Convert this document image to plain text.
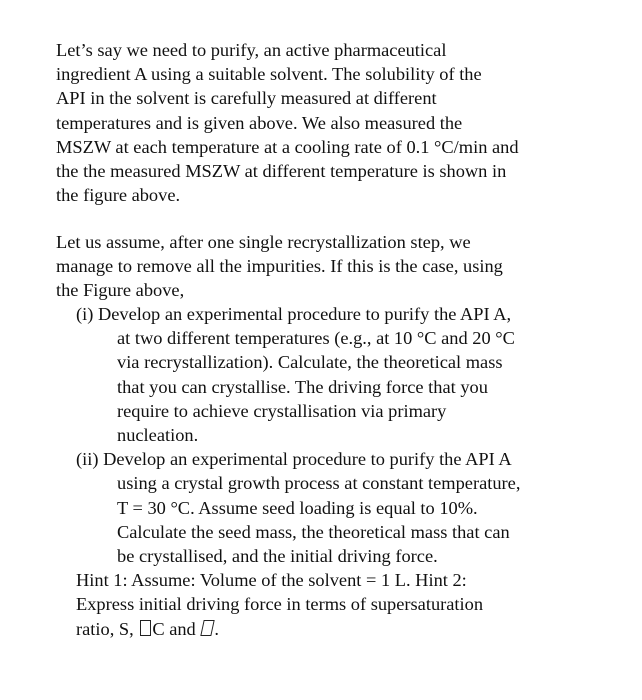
Let’s say we need to purify, an active pharmaceutical
ingredient A using a suitable solvent. The solubility of the
API in the solvent is carefully measured at different
temperatures and is given above. We also measured the
MSZW at each temperature at a cooling rate of 0.1 °C/min and
the the measured MSZW at different temperature is shown in
the figure above.
Let us assume, after one single recrystallization step, we
manage to remove all the impurities. If this is the case, using
the Figure above,
(i) Develop an experimental procedure to purify the API A,
at two different temperatures (e.g., at 10 °C and 20 °C
via recrystallization). Calculate, the theoretical mass
that you can crystallise. The driving force that you
require to achieve crystallisation via primary
nucleation.
(ii) Develop an experimental procedure to purify the API A
using a crystal growth process at constant temperature,
T = 30 °C. Assume seed loading is equal to 10%.
Calculate the seed mass, the theoretical mass that can
be crystallised, and the initial driving force.
Hint 1: Assume: Volume of the solvent = 1 L. Hint 2:
Express initial driving force in terms of supersaturation
ratio, S, C and .
